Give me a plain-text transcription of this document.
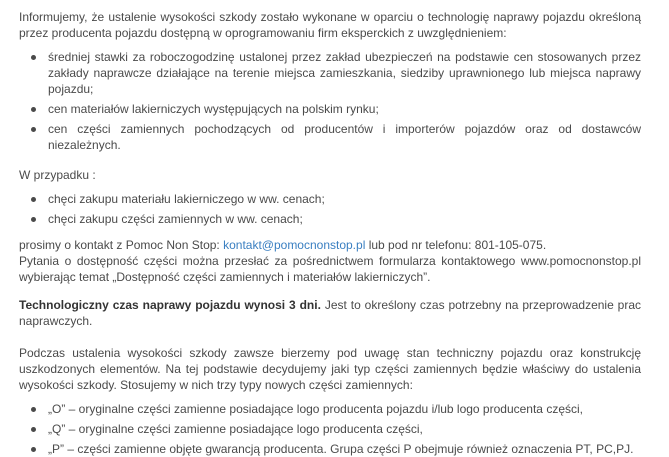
Informujemy, że ustalenie wysokości szkody zostało wykonane w oparciu o technologię naprawy pojazdu określoną przez producenta pojazdu dostępną w oprogramowaniu firm eksperckich z uwzględnieniem:

średniej stawki za roboczogodzinę ustalonej przez zakład ubezpieczeń na podstawie cen stosowanych przez zakłady naprawcze działające na terenie miejsca zamieszkania, siedziby uprawnionego lub miejsca naprawy pojazdu;
cen materiałów lakierniczych występujących na polskim rynku;
cen części zamiennych pochodzących od producentów i importerów pojazdów oraz od dostawców niezależnych.

W przypadku :

chęci zakupu materiału lakierniczego w ww. cenach;
chęci zakupu części zamiennych w ww. cenach;

prosimy o kontakt z Pomoc Non Stop: kontakt@pomocnonstop.pl lub pod nr telefonu: 801-105-075.

Pytania o dostępność części można przesłać za pośrednictwem formularza kontaktowego www.pomocnonstop.pl wybierając temat „Dostępność części zamiennych i materiałów lakierniczych”.

Technologiczny czas naprawy pojazdu wynosi 3 dni. Jest to określony czas potrzebny na przeprowadzenie prac naprawczych.

Podczas ustalenia wysokości szkody zawsze bierzemy pod uwagę stan techniczny pojazdu oraz konstrukcję uszkodzonych elementów. Na tej podstawie decydujemy jaki typ części zamiennych będzie właściwy do ustalenia wysokości szkody. Stosujemy w nich trzy typy nowych części zamiennych:

„O” – oryginalne części zamienne posiadające logo producenta pojazdu i/lub logo producenta części,
„Q” – oryginalne części zamienne posiadające logo producenta części,
„P” – części zamienne objęte gwarancją producenta. Grupa części P obejmuje również oznaczenia PT, PC,PJ.
